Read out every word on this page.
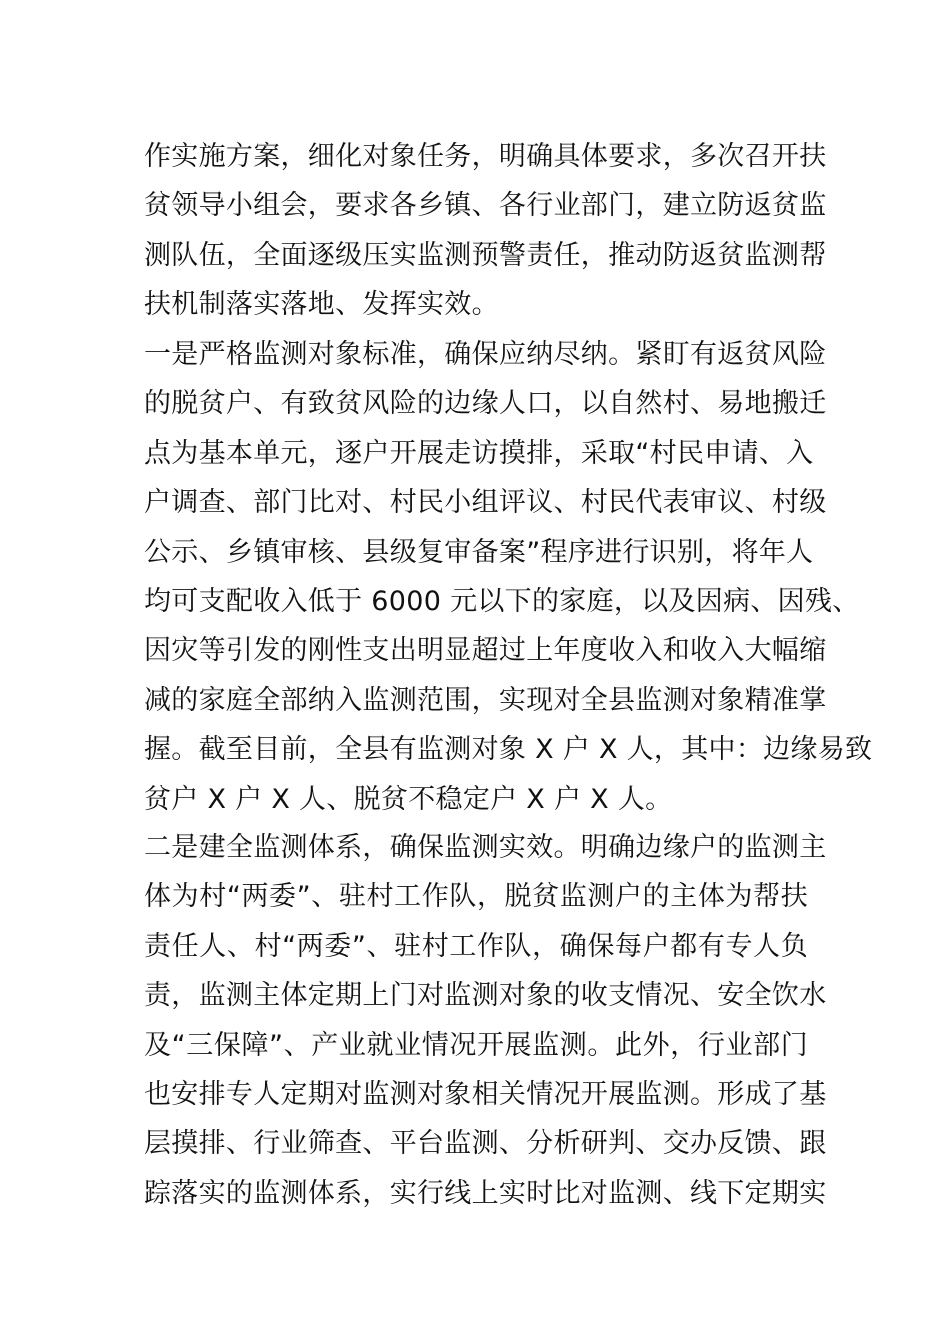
作实施方案，细化对象任务，明确具体要求，多次召开扶
贫领导小组会，要求各乡镇、各行业部门，建立防返贫监
测队伍，全面逐级压实监测预警责任，推动防返贫监测帮
扶机制落实落地、发挥实效。
一是严格监测对象标准，确保应纳尽纳。紧盯有返贫风险
的脱贫户、有致贫风险的边缘人口，以自然村、易地搬迁
点为基本单元，逐户开展走访摸排，采取“村民申请、入
户调查、部门比对、村民小组评议、村民代表审议、村级
公示、乡镇审核、县级复审备案”程序进行识别，将年人
均可支配收入低于 6000 元以下的家庭，以及因病、因残、
因灾等引发的刚性支出明显超过上年度收入和收入大幅缩
减的家庭全部纳入监测范围，实现对全县监测对象精准掌
握。截至目前，全县有监测对象 X 户 X 人，其中：边缘易致
贫户 X 户 X 人、脱贫不稳定户 X 户 X 人。
二是建全监测体系，确保监测实效。明确边缘户的监测主
体为村“两委”、驻村工作队，脱贫监测户的主体为帮扶
责任人、村“两委”、驻村工作队，确保每户都有专人负
责，监测主体定期上门对监测对象的收支情况、安全饮水
及“三保障”、产业就业情况开展监测。此外，行业部门
也安排专人定期对监测对象相关情况开展监测。形成了基
层摸排、行业筛查、平台监测、分析研判、交办反馈、跟
踪落实的监测体系，实行线上实时比对监测、线下定期实
